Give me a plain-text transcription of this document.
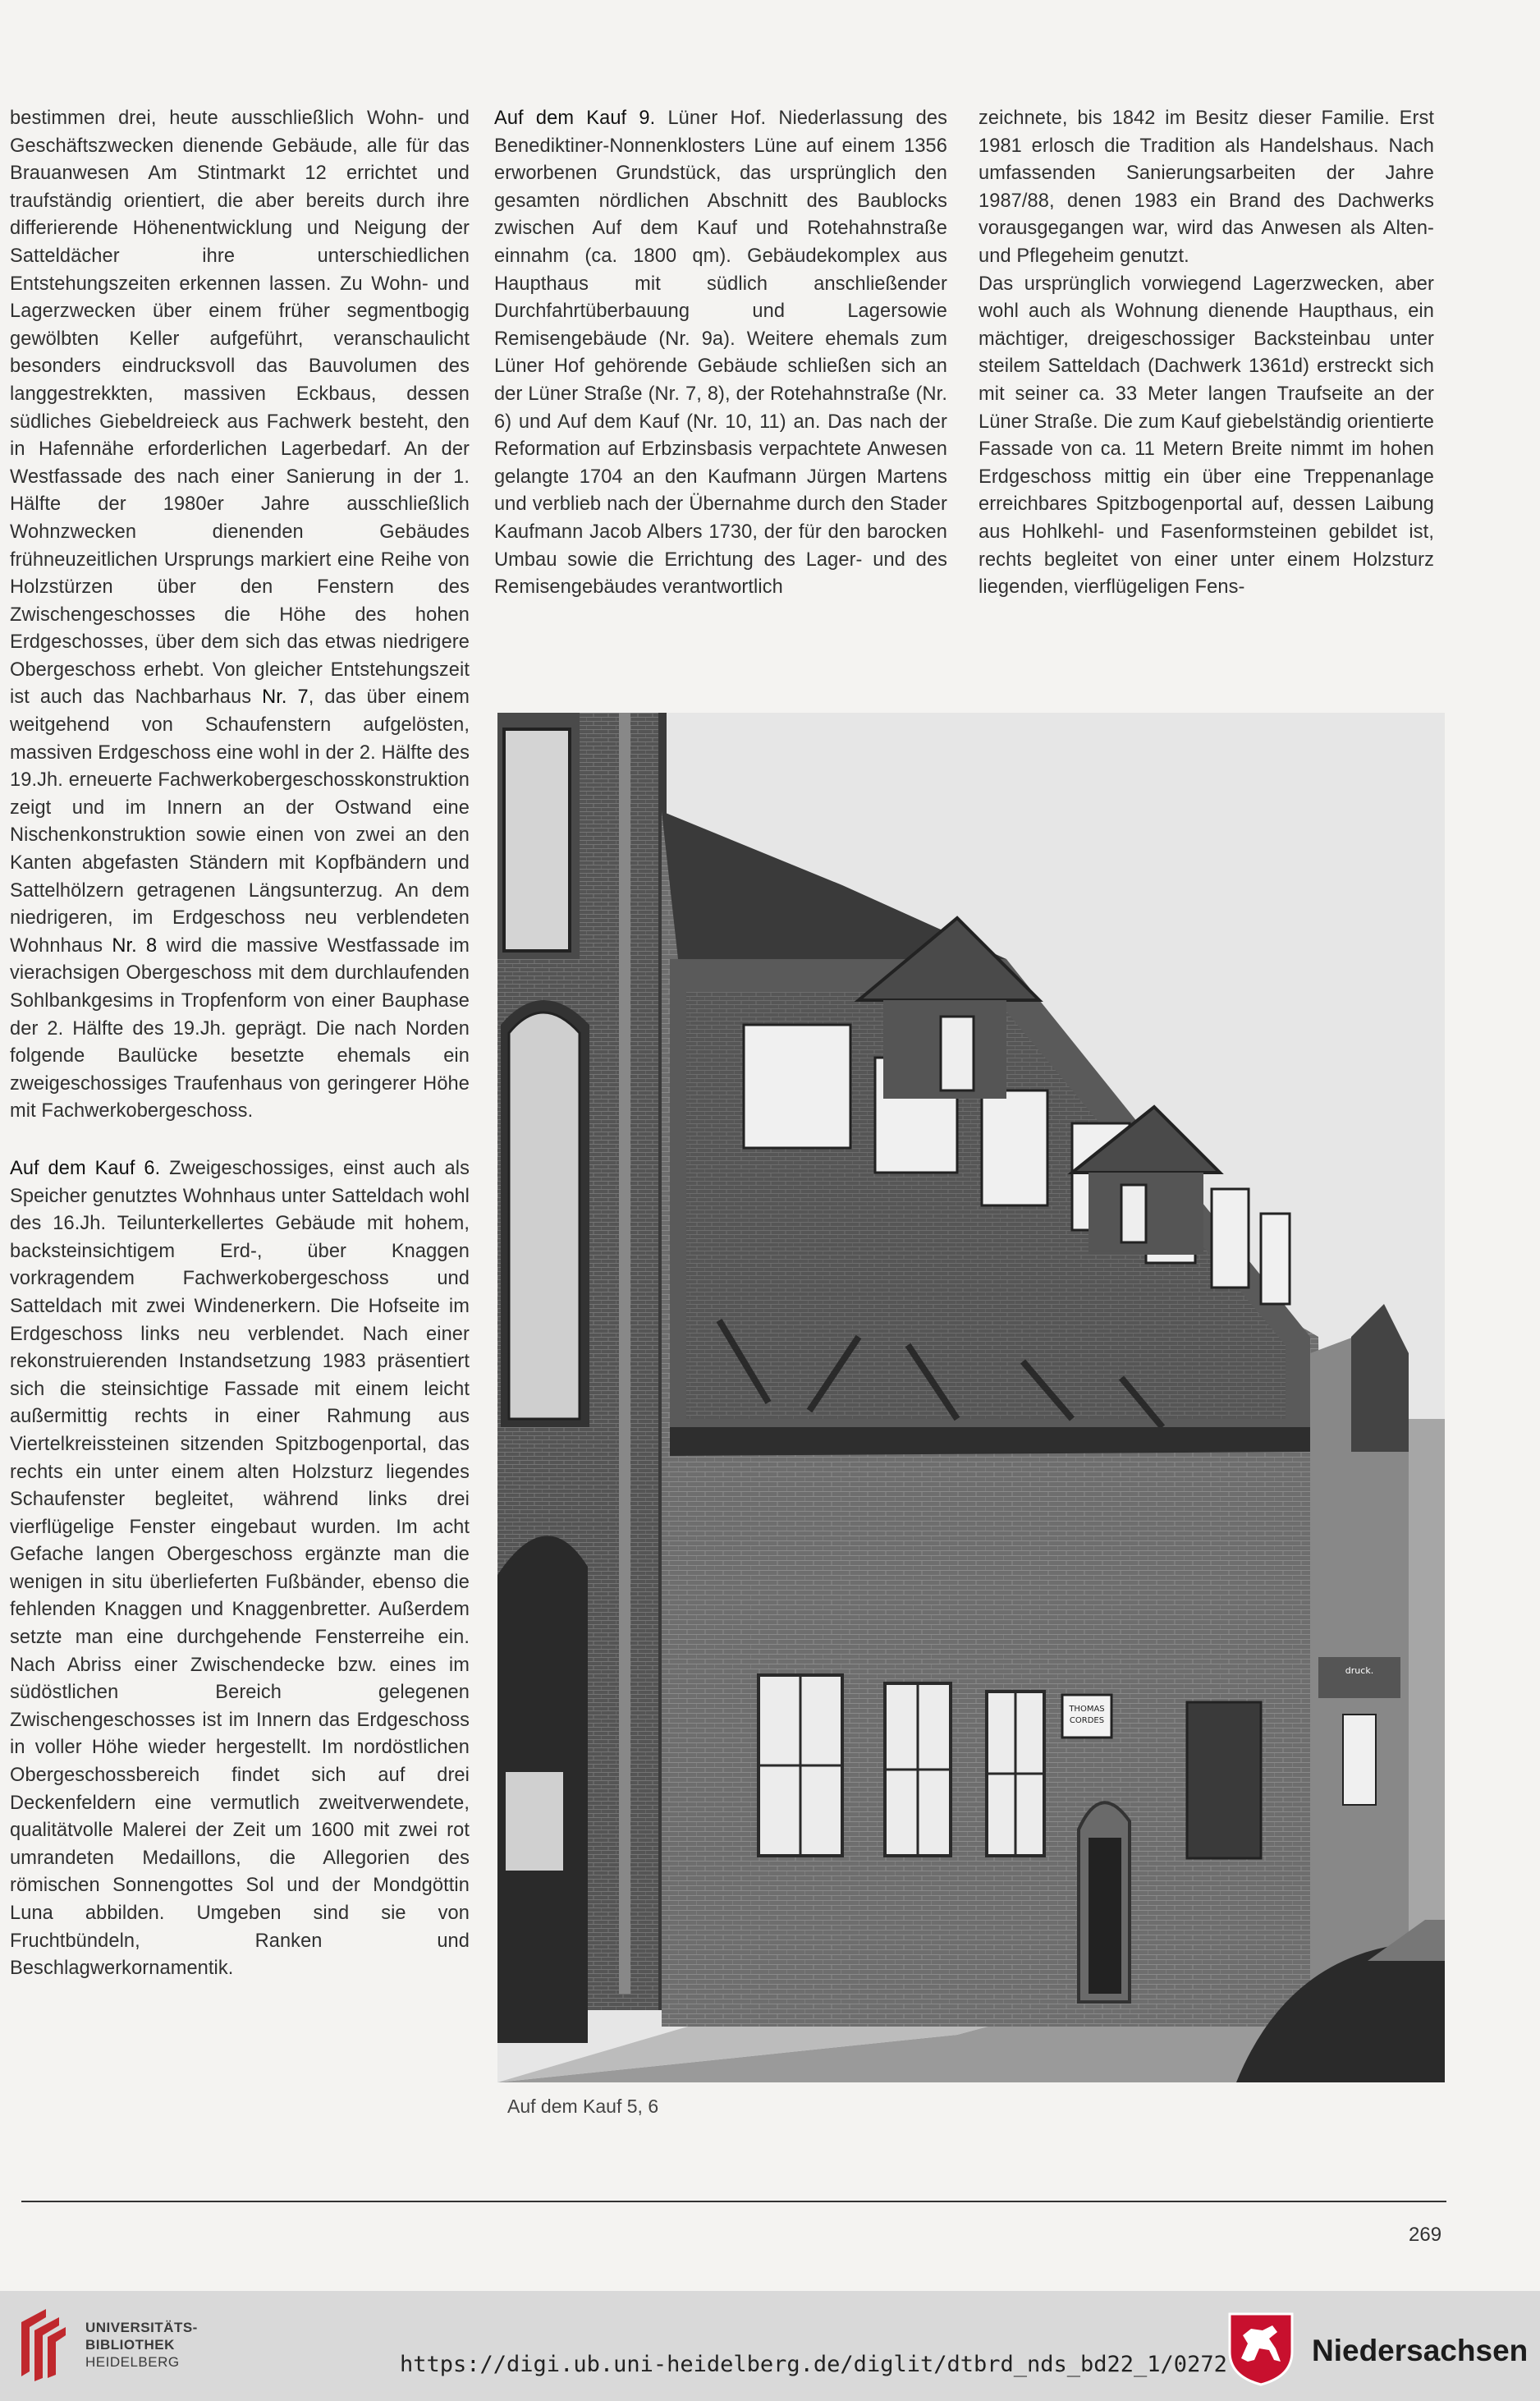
bestimmen drei, heute ausschließlich Wohn- und Geschäftszwecken dienende Gebäude, alle für das Brauanwesen Am Stintmarkt 12 errichtet und traufständig orientiert, die aber bereits durch ihre differierende Höhenentwicklung und Neigung der Satteldächer ihre unterschiedlichen Entstehungszeiten erkennen lassen. Zu Wohn- und Lagerzwecken über einem früher segmentbogig gewölbten Keller aufgeführt, veranschaulicht besonders eindrucksvoll das Bauvolumen des langgestrekkten, massiven Eckbaus, dessen südliches Giebeldreieck aus Fachwerk besteht, den in Hafennähe erforderlichen Lagerbedarf. An der Westfassade des nach einer Sanierung in der 1. Hälfte der 1980er Jahre ausschließlich Wohnzwecken dienenden Gebäudes frühneuzeitlichen Ursprungs markiert eine Reihe von Holzstürzen über den Fenstern des Zwischengeschosses die Höhe des hohen Erdgeschosses, über dem sich das etwas niedrigere Obergeschoss erhebt. Von gleicher Entstehungszeit ist auch das Nachbarhaus Nr. 7, das über einem weitgehend von Schaufenstern aufgelösten, massiven Erdgeschoss eine wohl in der 2. Hälfte des 19.Jh. erneuerte Fachwerkobergeschosskonstruktion zeigt und im Innern an der Ostwand eine Nischenkonstruktion sowie einen von zwei an den Kanten abgefasten Ständern mit Kopfbändern und Sattelhölzern getragenen Längsunterzug. An dem niedrigeren, im Erdgeschoss neu verblendeten Wohnhaus Nr. 8 wird die massive Westfassade im vierachsigen Obergeschoss mit dem durchlaufenden Sohlbankgesims in Tropfenform von einer Bauphase der 2. Hälfte des 19.Jh. geprägt. Die nach Norden folgende Baulücke besetzte ehemals ein zweigeschossiges Traufenhaus von geringerer Höhe mit Fachwerkobergeschoss.

Auf dem Kauf 6. Zweigeschossiges, einst auch als Speicher genutztes Wohnhaus unter Satteldach wohl des 16.Jh. Teilunterkellertes Gebäude mit hohem, backsteinsichtigem Erd-, über Knaggen vorkragendem Fachwerkobergeschoss und Satteldach mit zwei Windenerkern. Die Hofseite im Erdgeschoss links neu verblendet. Nach einer rekonstruierenden Instandsetzung 1983 präsentiert sich die steinsichtige Fassade mit einem leicht außermittig rechts in einer Rahmung aus Viertelkreissteinen sitzenden Spitzbogenportal, das rechts ein unter einem alten Holzsturz liegendes Schaufenster begleitet, während links drei vierflügelige Fenster eingebaut wurden. Im acht Gefache langen Obergeschoss ergänzte man die wenigen in situ überlieferten Fußbänder, ebenso die fehlenden Knaggen und Knaggenbretter. Außerdem setzte man eine durchgehende Fensterreihe ein. Nach Abriss einer Zwischendecke bzw. eines im südöstlichen Bereich gelegenen Zwischengeschosses ist im Innern das Erdgeschoss in voller Höhe wieder hergestellt. Im nordöstlichen Obergeschossbereich findet sich auf drei Deckenfeldern eine vermutlich zweitverwendete, qualitätvolle Malerei der Zeit um 1600 mit zwei rot umrandeten Medaillons, die Allegorien des römischen Sonnengottes Sol und der Mondgöttin Luna abbilden. Umgeben sind sie von Fruchtbündeln, Ranken und Beschlagwerkornamentik.

Auf dem Kauf 9. Lüner Hof. Niederlassung des Benediktiner-Nonnenklosters Lüne auf einem 1356 erworbenen Grundstück, das ursprünglich den gesamten nördlichen Abschnitt des Baublocks zwischen Auf dem Kauf und Rotehahnstraße einnahm (ca. 1800 qm). Gebäudekomplex aus Haupthaus mit südlich anschließender Durchfahrtüberbauung und Lagersowie Remisengebäude (Nr. 9a). Weitere ehemals zum Lüner Hof gehörende Gebäude schließen sich an der Lüner Straße (Nr. 7, 8), der Rotehahnstraße (Nr. 6) und Auf dem Kauf (Nr. 10, 11) an. Das nach der Reformation auf Erbzinsbasis verpachtete Anwesen gelangte 1704 an den Kaufmann Jürgen Martens und verblieb nach der Übernahme durch den Stader Kaufmann Jacob Albers 1730, der für den barocken Umbau sowie die Errichtung des Lager- und des Remisengebäudes verantwortlich

zeichnete, bis 1842 im Besitz dieser Familie. Erst 1981 erlosch die Tradition als Handelshaus. Nach umfassenden Sanierungsarbeiten der Jahre 1987/88, denen 1983 ein Brand des Dachwerks vorausgegangen war, wird das Anwesen als Alten- und Pflegeheim genutzt.

Das ursprünglich vorwiegend Lagerzwecken, aber wohl auch als Wohnung dienende Haupthaus, ein mächtiger, dreigeschossiger Backsteinbau unter steilem Satteldach (Dachwerk 1361d) erstreckt sich mit seiner ca. 33 Meter langen Traufseite an der Lüner Straße. Die zum Kauf giebelständig orientierte Fassade von ca. 11 Metern Breite nimmt im hohen Erdgeschoss mittig ein über eine Treppenanlage erreichbares Spitzbogenportal auf, dessen Laibung aus Hohlkehl- und Fasenformsteinen gebildet ist, rechts begleitet von einer unter einem Holzsturz liegenden, vierflügeligen Fens-

THOMAS
CORDES
druck.
Auf dem Kauf 5, 6
269
UNIVERSITÄTS-
BIBLIOTHEK
HEIDELBERG	https://digi.ub.uni-heidelberg.de/diglit/dtbrd_nds_bd22_1/0272	Niedersachsen
